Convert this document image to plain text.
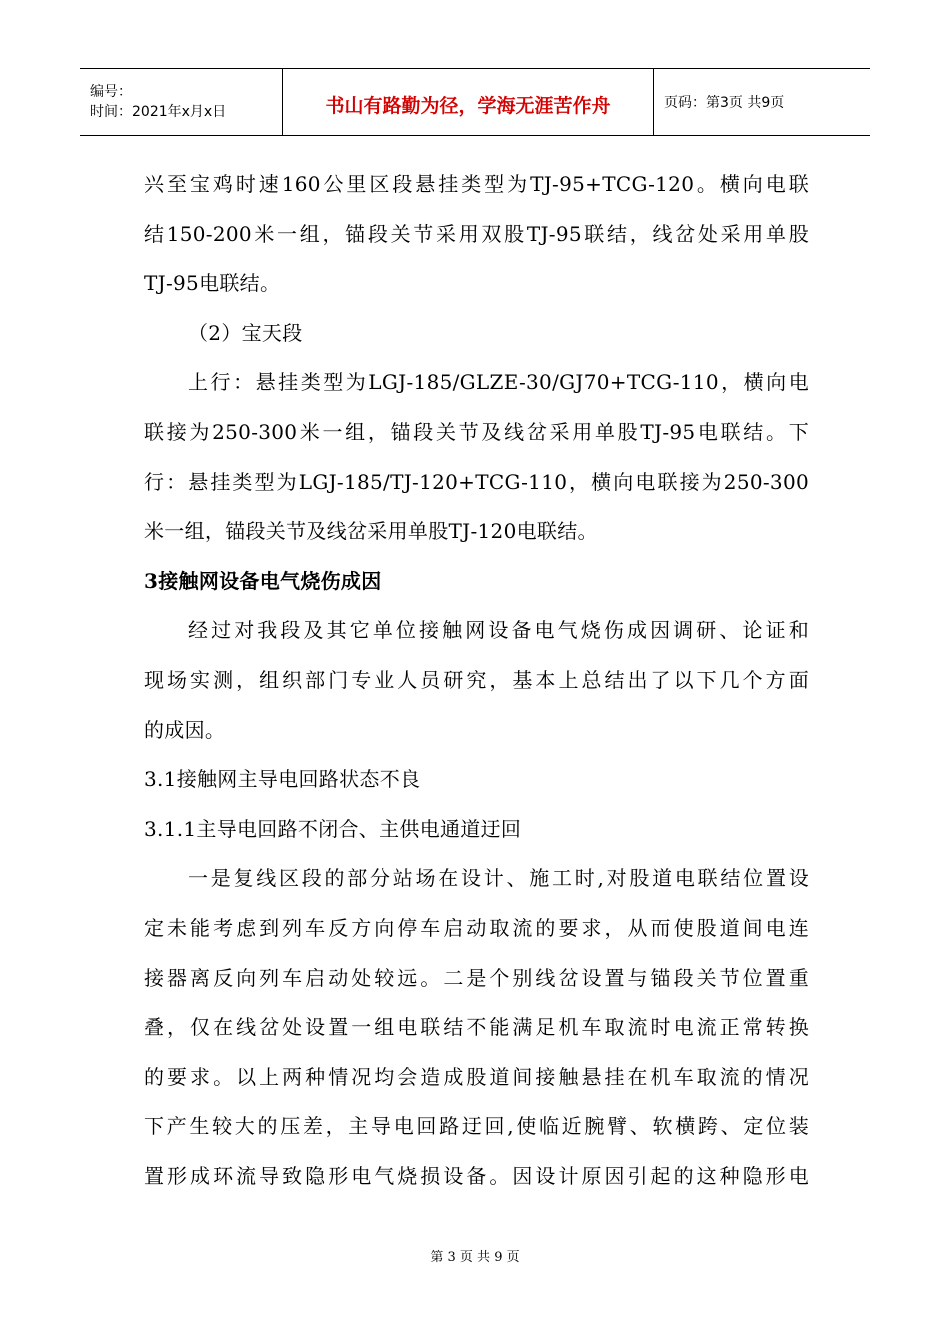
编号：
时间：2021年x月x日	书山有路勤为径，学海无涯苦作舟	页码：第3页 共9页
兴至宝鸡时速160公里区段悬挂类型为TJ-95+TCG-120。横向电联
结150-200米一组，锚段关节采用双股TJ-95联结，线岔处采用单股
TJ-95电联结。
（2）宝天段
上行：悬挂类型为LGJ-185/GLZE-30/GJ70+TCG-110，横向电
联接为250-300米一组，锚段关节及线岔采用单股TJ-95电联结。下
行：悬挂类型为LGJ-185/TJ-120+TCG-110，横向电联接为250-300
米一组，锚段关节及线岔采用单股TJ-120电联结。
3接触网设备电气烧伤成因
经过对我段及其它单位接触网设备电气烧伤成因调研、论证和
现场实测，组织部门专业人员研究，基本上总结出了以下几个方面
的成因。
3.1接触网主导电回路状态不良
3.1.1主导电回路不闭合、主供电通道迂回
一是复线区段的部分站场在设计、施工时,对股道电联结位置设
定未能考虑到列车反方向停车启动取流的要求，从而使股道间电连
接器离反向列车启动处较远。二是个别线岔设置与锚段关节位置重
叠，仅在线岔处设置一组电联结不能满足机车取流时电流正常转换
的要求。以上两种情况均会造成股道间接触悬挂在机车取流的情况
下产生较大的压差，主导电回路迂回,使临近腕臂、软横跨、定位装
置形成环流导致隐形电气烧损设备。因设计原因引起的这种隐形电
第 3 页 共 9 页
